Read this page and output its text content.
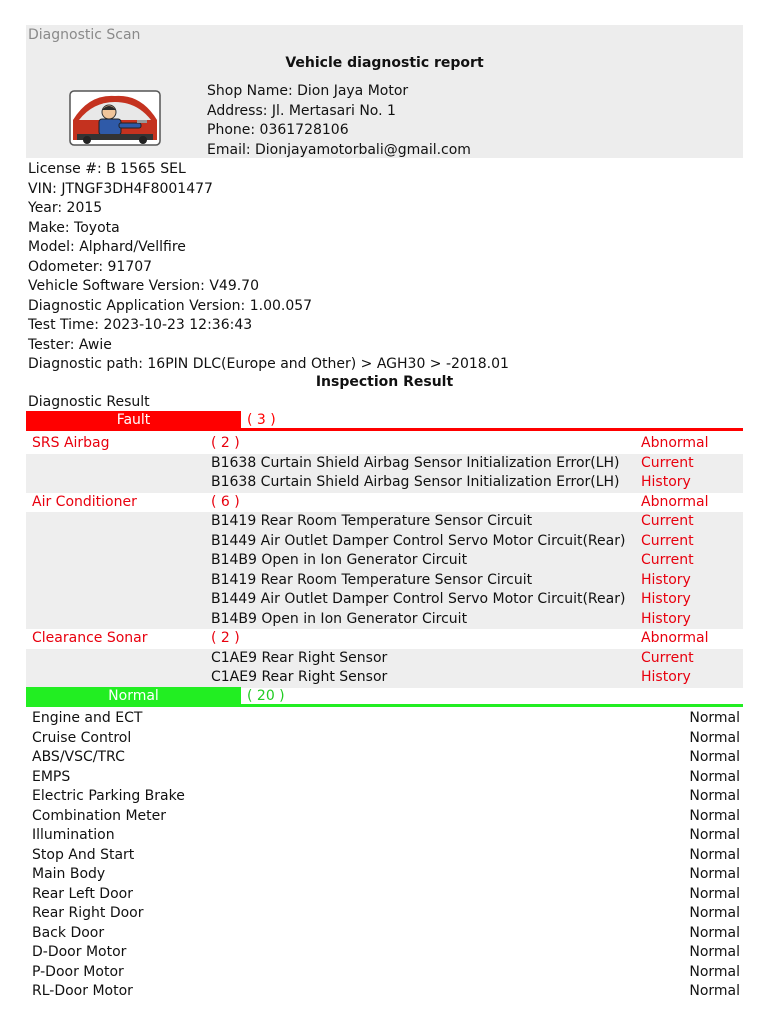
Diagnostic Scan
Vehicle diagnostic report
Shop Name: Dion Jaya Motor
Address: Jl. Mertasari No. 1
Phone: 0361728106
Email: Dionjayamotorbali@gmail.com
License #: B 1565 SEL
VIN: JTNGF3DH4F8001477
Year: 2015
Make: Toyota
Model: Alphard/Vellfire
Odometer: 91707
Vehicle Software Version: V49.70
Diagnostic Application Version: 1.00.057
Test Time: 2023-10-23 12:36:43
Tester: Awie
Diagnostic path: 16PIN DLC(Europe and Other) > AGH30 > -2018.01
Inspection Result
Diagnostic Result
Fault	( 3 )
SRS Airbag	( 2 )	Abnormal
B1638 Curtain Shield Airbag Sensor Initialization Error(LH) Current
B1638 Curtain Shield Airbag Sensor Initialization Error(LH) History
Air Conditioner	( 6 )	Abnormal
B1419 Rear Room Temperature Sensor Circuit	Current
B1449 Air Outlet Damper Control Servo Motor Circuit(Rear) Current
B14B9 Open in Ion Generator Circuit	Current
B1419 Rear Room Temperature Sensor Circuit	History
B1449 Air Outlet Damper Control Servo Motor Circuit(Rear) History
B14B9 Open in Ion Generator Circuit	History
Clearance Sonar	( 2 )	Abnormal
C1AE9 Rear Right Sensor	Current
C1AE9 Rear Right Sensor	History
Normal	( 20 )
Engine and ECT	Normal
Cruise Control	Normal
ABS/VSC/TRC	Normal
EMPS	Normal
Electric Parking Brake	Normal
Combination Meter	Normal
Illumination	Normal
Stop And Start	Normal
Main Body	Normal
Rear Left Door	Normal
Rear Right Door	Normal
Back Door	Normal
D-Door Motor	Normal
P-Door Motor	Normal
RL-Door Motor	Normal
